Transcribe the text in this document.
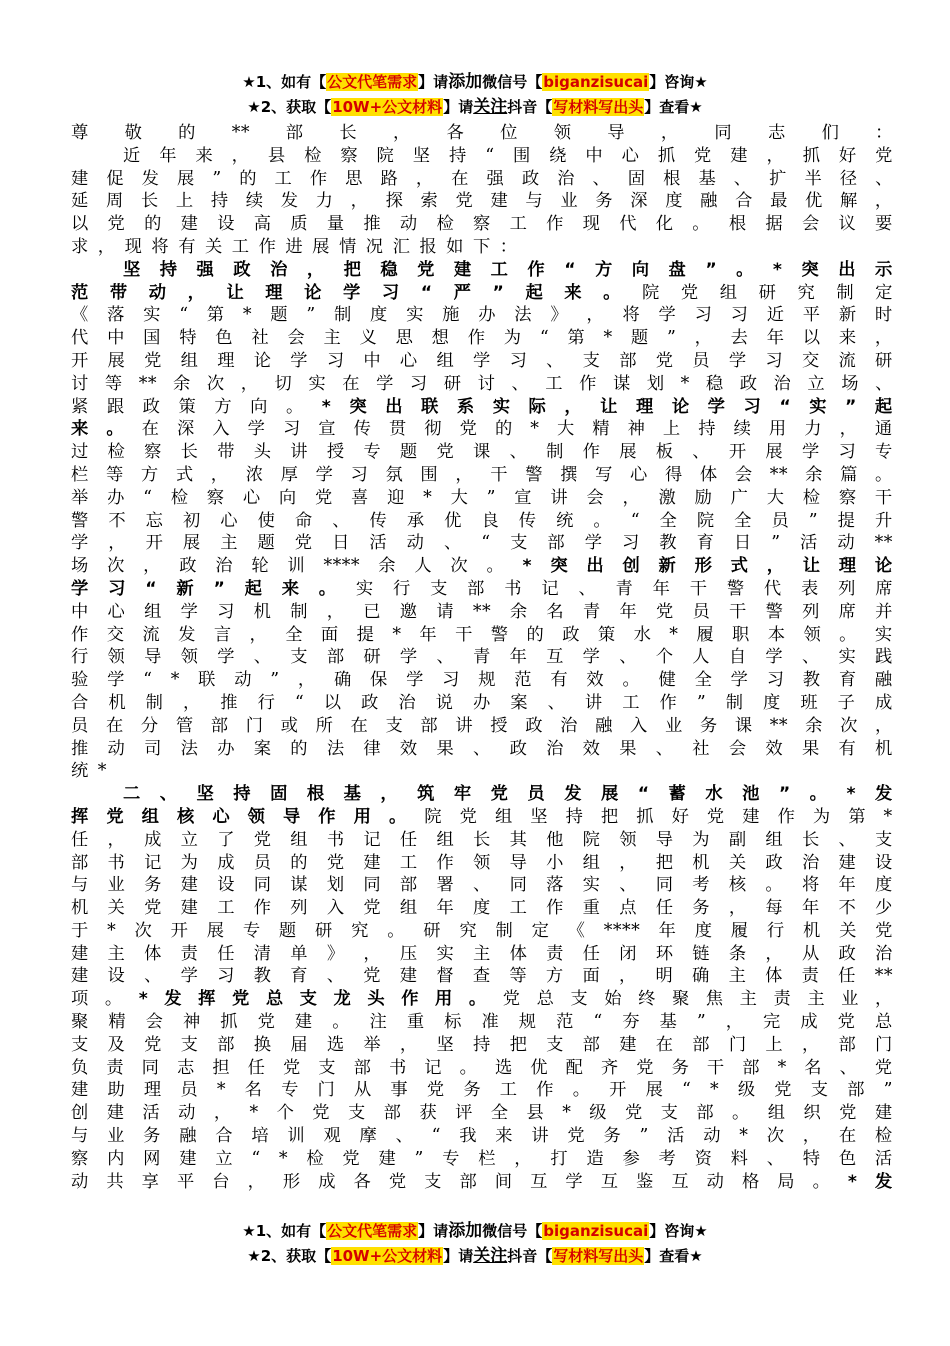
★1、如有【公文代笔需求】请添加微信号【biganzisucai】咨询★
★2、获取【10W+公文材料】请关注抖音【写材料写出头】查看★
尊 敬 的 ** 部 长 ， 各 位 领 导 ， 同 志 们 ：
近 年 来 ， 县 检 察 院 坚 持 “ 围 绕 中 心 抓 党 建 ， 抓 好 党
建 促 发 展 ” 的 工 作 思 路 ， 在 强 政 治 、 固 根 基 、 扩 半 径 、
延 周 长 上 持 续 发 力 ， 探 索 党 建 与 业 务 深 度 融 合 最 优 解 ，
以 党 的 建 设 高 质 量 推 动 检 察 工 作 现 代 化 。 根 据 会 议 要
求 ， 现 将 有 关 工 作 进 展 情 况 汇 报 如 下 ：
坚 持 强 政 治 ， 把 稳 党 建 工 作 “ 方 向 盘 ” 。 * 突 出 示
范 带 动 ， 让 理 论 学 习 “ 严 ” 起 来 。 院 党 组 研 究 制 定
《 落 实 “ 第 * 题 ” 制 度 实 施 办 法 》 ， 将 学 习 习 近 平 新 时
代 中 国 特 色 社 会 主 义 思 想 作 为 “ 第 * 题 ” ， 去 年 以 来 ，
开 展 党 组 理 论 学 习 中 心 组 学 习 、 支 部 党 员 学 习 交 流 研
讨 等 ** 余 次 ， 切 实 在 学 习 研 讨 、 工 作 谋 划 * 稳 政 治 立 场 、
紧 跟 政 策 方 向 。 * 突 出 联 系 实 际 ， 让 理 论 学 习 “ 实 ” 起
来 。 在 深 入 学 习 宣 传 贯 彻 党 的 * 大 精 神 上 持 续 用 力 ， 通
过 检 察 长 带 头 讲 授 专 题 党 课 、 制 作 展 板 、 开 展 学 习 专
栏 等 方 式 ， 浓 厚 学 习 氛 围 ， 干 警 撰 写 心 得 体 会 ** 余 篇 。
举 办 “ 检 察 心 向 党 喜 迎 * 大 ” 宣 讲 会 ， 激 励 广 大 检 察 干
警 不 忘 初 心 使 命 、 传 承 优 良 传 统 。 “ 全 院 全 员 ” 提 升
学 ， 开 展 主 题 党 日 活 动 、 “ 支 部 学 习 教 育 日 ” 活 动 **
场 次 ， 政 治 轮 训 **** 余 人 次 。 * 突 出 创 新 形 式 ， 让 理 论
学 习 “ 新 ” 起 来 。 实 行 支 部 书 记 、 青 年 干 警 代 表 列 席
中 心 组 学 习 机 制 ， 已 邀 请 ** 余 名 青 年 党 员 干 警 列 席 并
作 交 流 发 言 ， 全 面 提 * 年 干 警 的 政 策 水 * 履 职 本 领 。 实
行 领 导 领 学 、 支 部 研 学 、 青 年 互 学 、 个 人 自 学 、 实 践
验 学 “ * 联 动 ” ， 确 保 学 习 规 范 有 效 。 健 全 学 习 教 育 融
合 机 制 ， 推 行 “ 以 政 治 说 办 案 、 讲 工 作 ” 制 度 班 子 成
员 在 分 管 部 门 或 所 在 支 部 讲 授 政 治 融 入 业 务 课 ** 余 次 ，
推 动 司 法 办 案 的 法 律 效 果 、 政 治 效 果 、 社 会 效 果 有 机
统 *
二 、 坚 持 固 根 基 ， 筑 牢 党 员 发 展 “ 蓄 水 池 ” 。 * 发
挥 党 组 核 心 领 导 作 用 。 院 党 组 坚 持 把 抓 好 党 建 作 为 第 *
任 ， 成 立 了 党 组 书 记 任 组 长 其 他 院 领 导 为 副 组 长 、 支
部 书 记 为 成 员 的 党 建 工 作 领 导 小 组 ， 把 机 关 政 治 建 设
与 业 务 建 设 同 谋 划 同 部 署 、 同 落 实 、 同 考 核 。 将 年 度
机 关 党 建 工 作 列 入 党 组 年 度 工 作 重 点 任 务 ， 每 年 不 少
于 * 次 开 展 专 题 研 究 。 研 究 制 定 《 **** 年 度 履 行 机 关 党
建 主 体 责 任 清 单 》 ， 压 实 主 体 责 任 闭 环 链 条 ， 从 政 治
建 设 、 学 习 教 育 、 党 建 督 查 等 方 面 ， 明 确 主 体 责 任 **
项 。 * 发 挥 党 总 支 龙 头 作 用 。 党 总 支 始 终 聚 焦 主 责 主 业 ，
聚 精 会 神 抓 党 建 。 注 重 标 准 规 范 “ 夯 基 ” ， 完 成 党 总
支 及 党 支 部 换 届 选 举 ， 坚 持 把 支 部 建 在 部 门 上 ， 部 门
负 责 同 志 担 任 党 支 部 书 记 。 选 优 配 齐 党 务 干 部 * 名 、 党
建 助 理 员 * 名 专 门 从 事 党 务 工 作 。 开 展 “ * 级 党 支 部 ”
创 建 活 动 ， * 个 党 支 部 获 评 全 县 * 级 党 支 部 。 组 织 党 建
与 业 务 融 合 培 训 观 摩 、 “ 我 来 讲 党 务 ” 活 动 * 次 ， 在 检
察 内 网 建 立 “ * 检 党 建 ” 专 栏 ， 打 造 参 考 资 料 、 特 色 活
动 共 享 平 台 ， 形 成 各 党 支 部 间 互 学 互 鉴 互 动 格 局 。 * 发
★1、如有【公文代笔需求】请添加微信号【biganzisucai】咨询★
★2、获取【10W+公文材料】请关注抖音【写材料写出头】查看★
